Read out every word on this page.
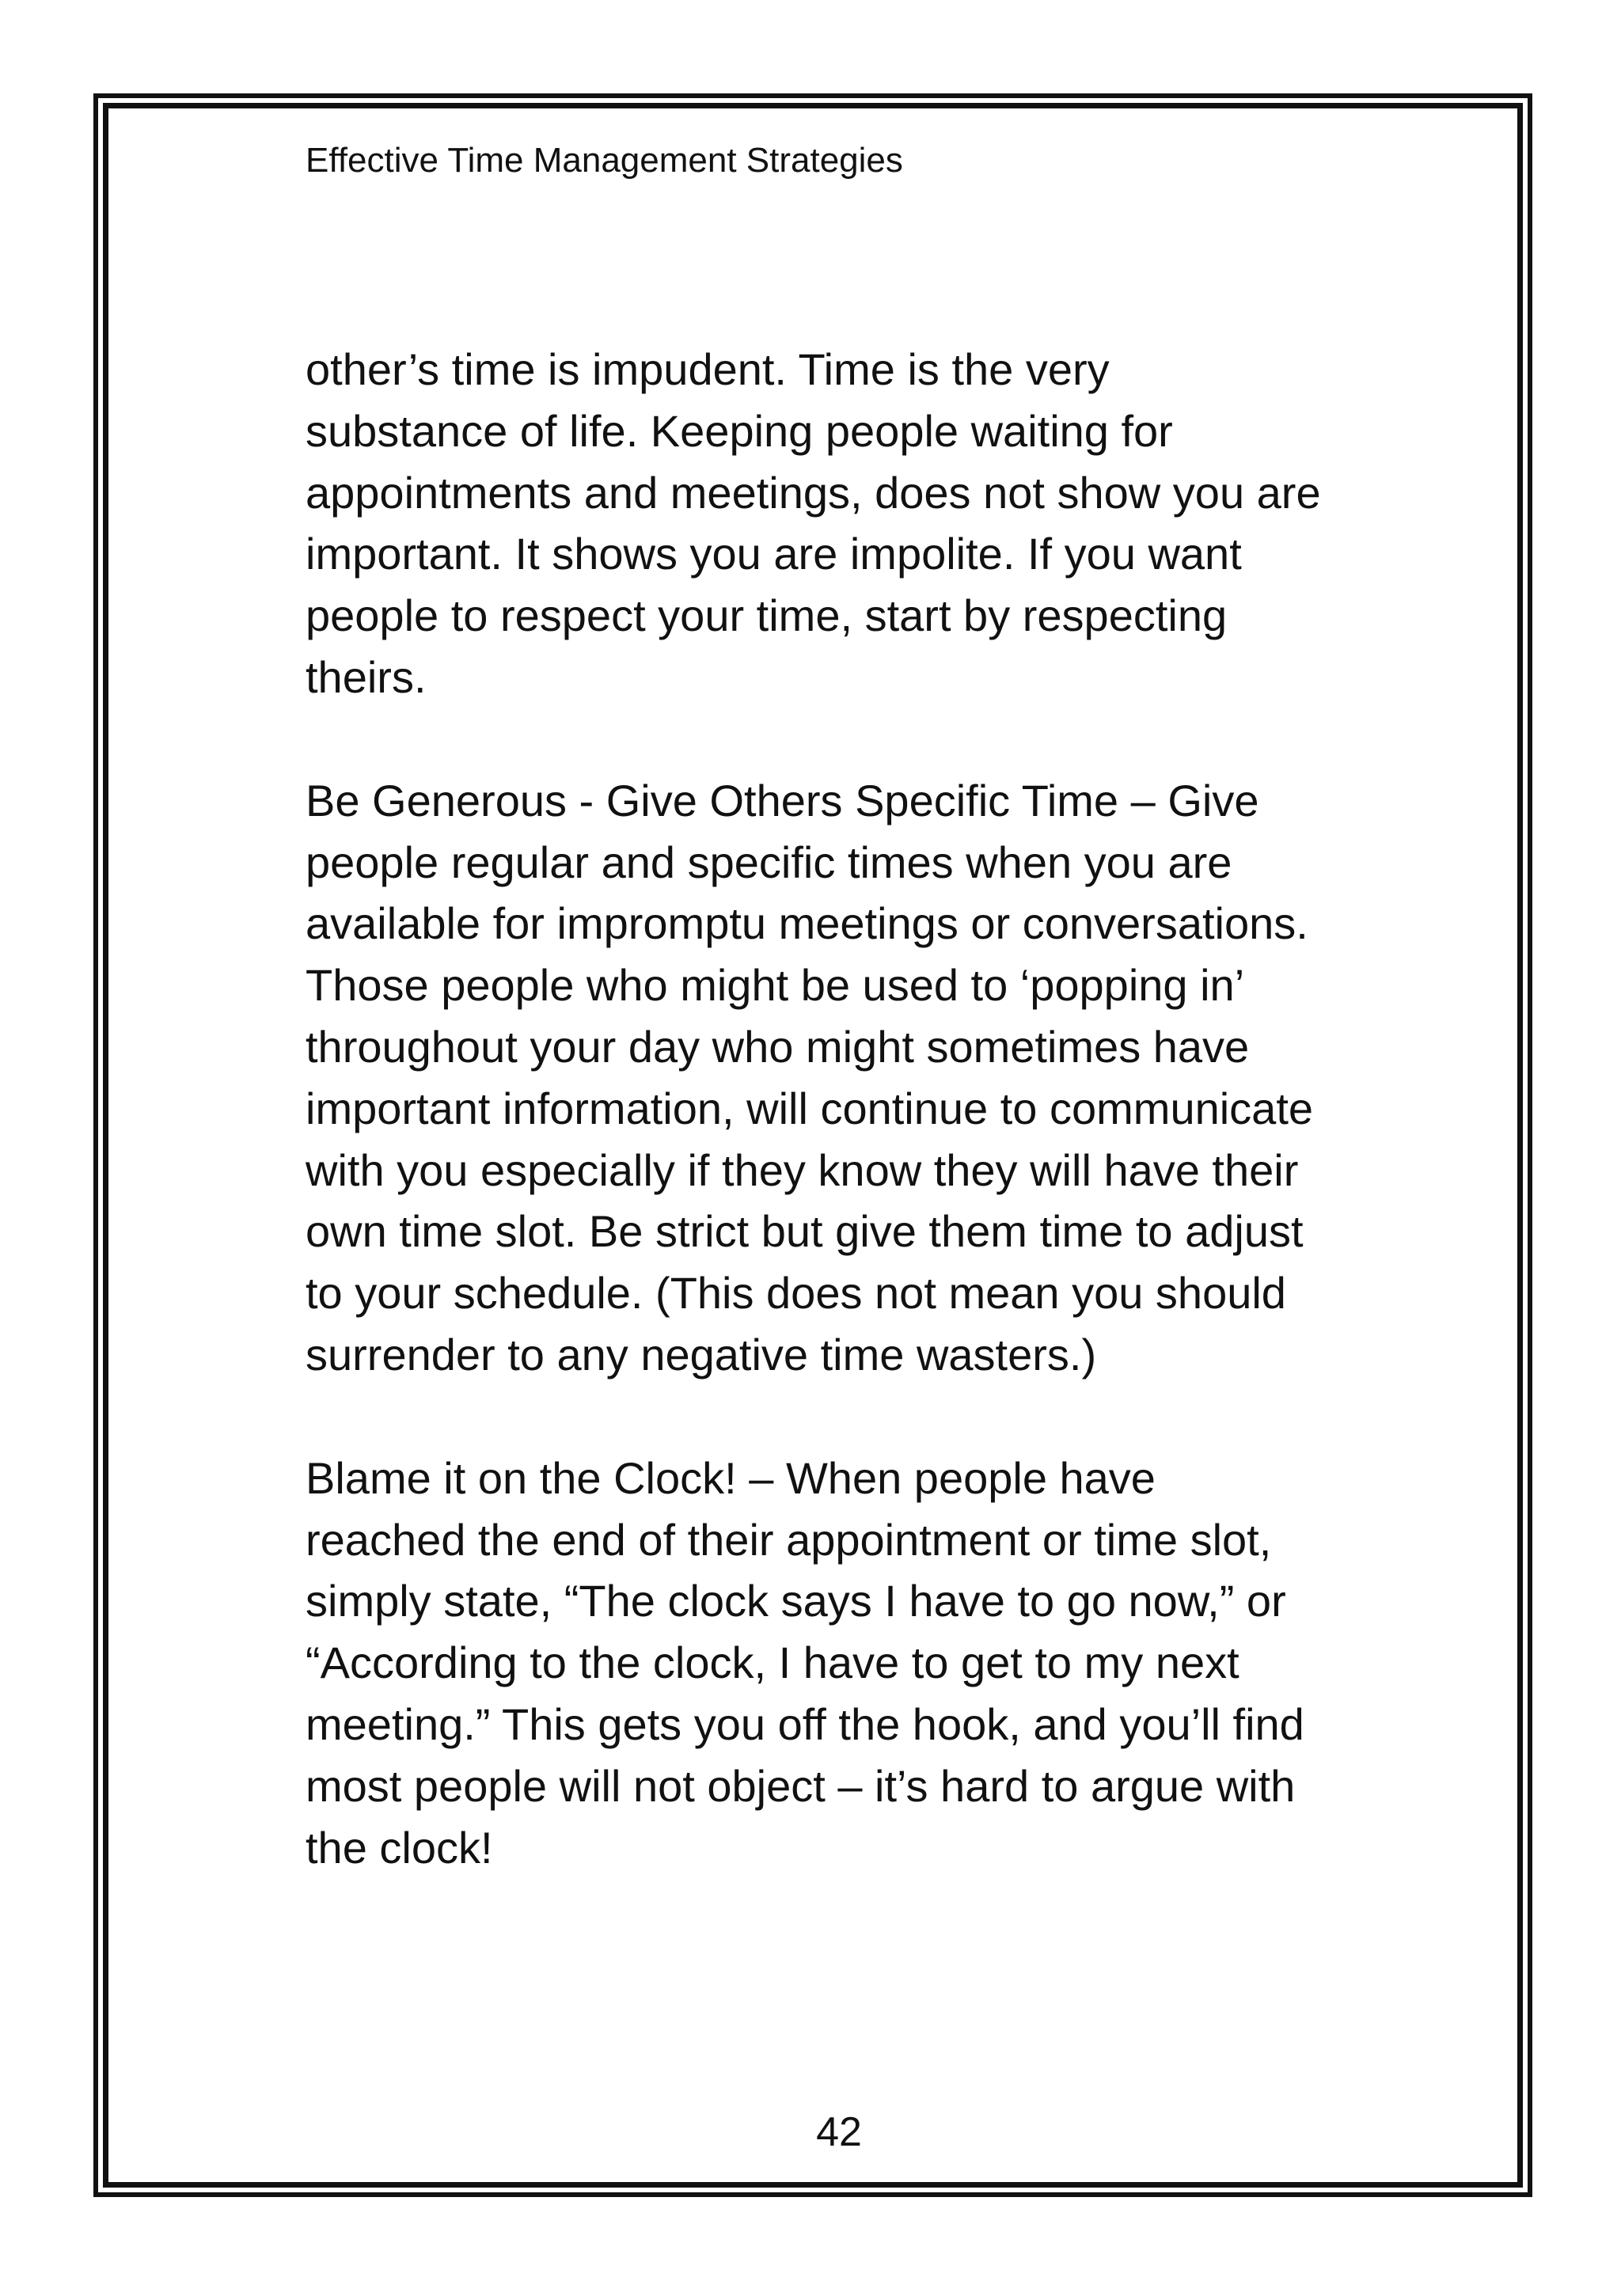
Effective Time Management Strategies

other’s time is impudent. Time is the very
substance of life. Keeping people waiting for
appointments and meetings, does not show you are
important. It shows you are impolite. If you want
people to respect your time, start by respecting
theirs.

Be Generous - Give Others Specific Time – Give
people regular and specific times when you are
available for impromptu meetings or conversations.
Those people who might be used to ‘popping in’
throughout your day who might sometimes have
important information, will continue to communicate
with you especially if they know they will have their
own time slot. Be strict but give them time to adjust
to your schedule. (This does not mean you should
surrender to any negative time wasters.)

Blame it on the Clock! – When people have
reached the end of their appointment or time slot,
simply state, “The clock says I have to go now,” or
“According to the clock, I have to get to my next
meeting.” This gets you off the hook, and you’ll find
most people will not object – it’s hard to argue with
the clock!

42
